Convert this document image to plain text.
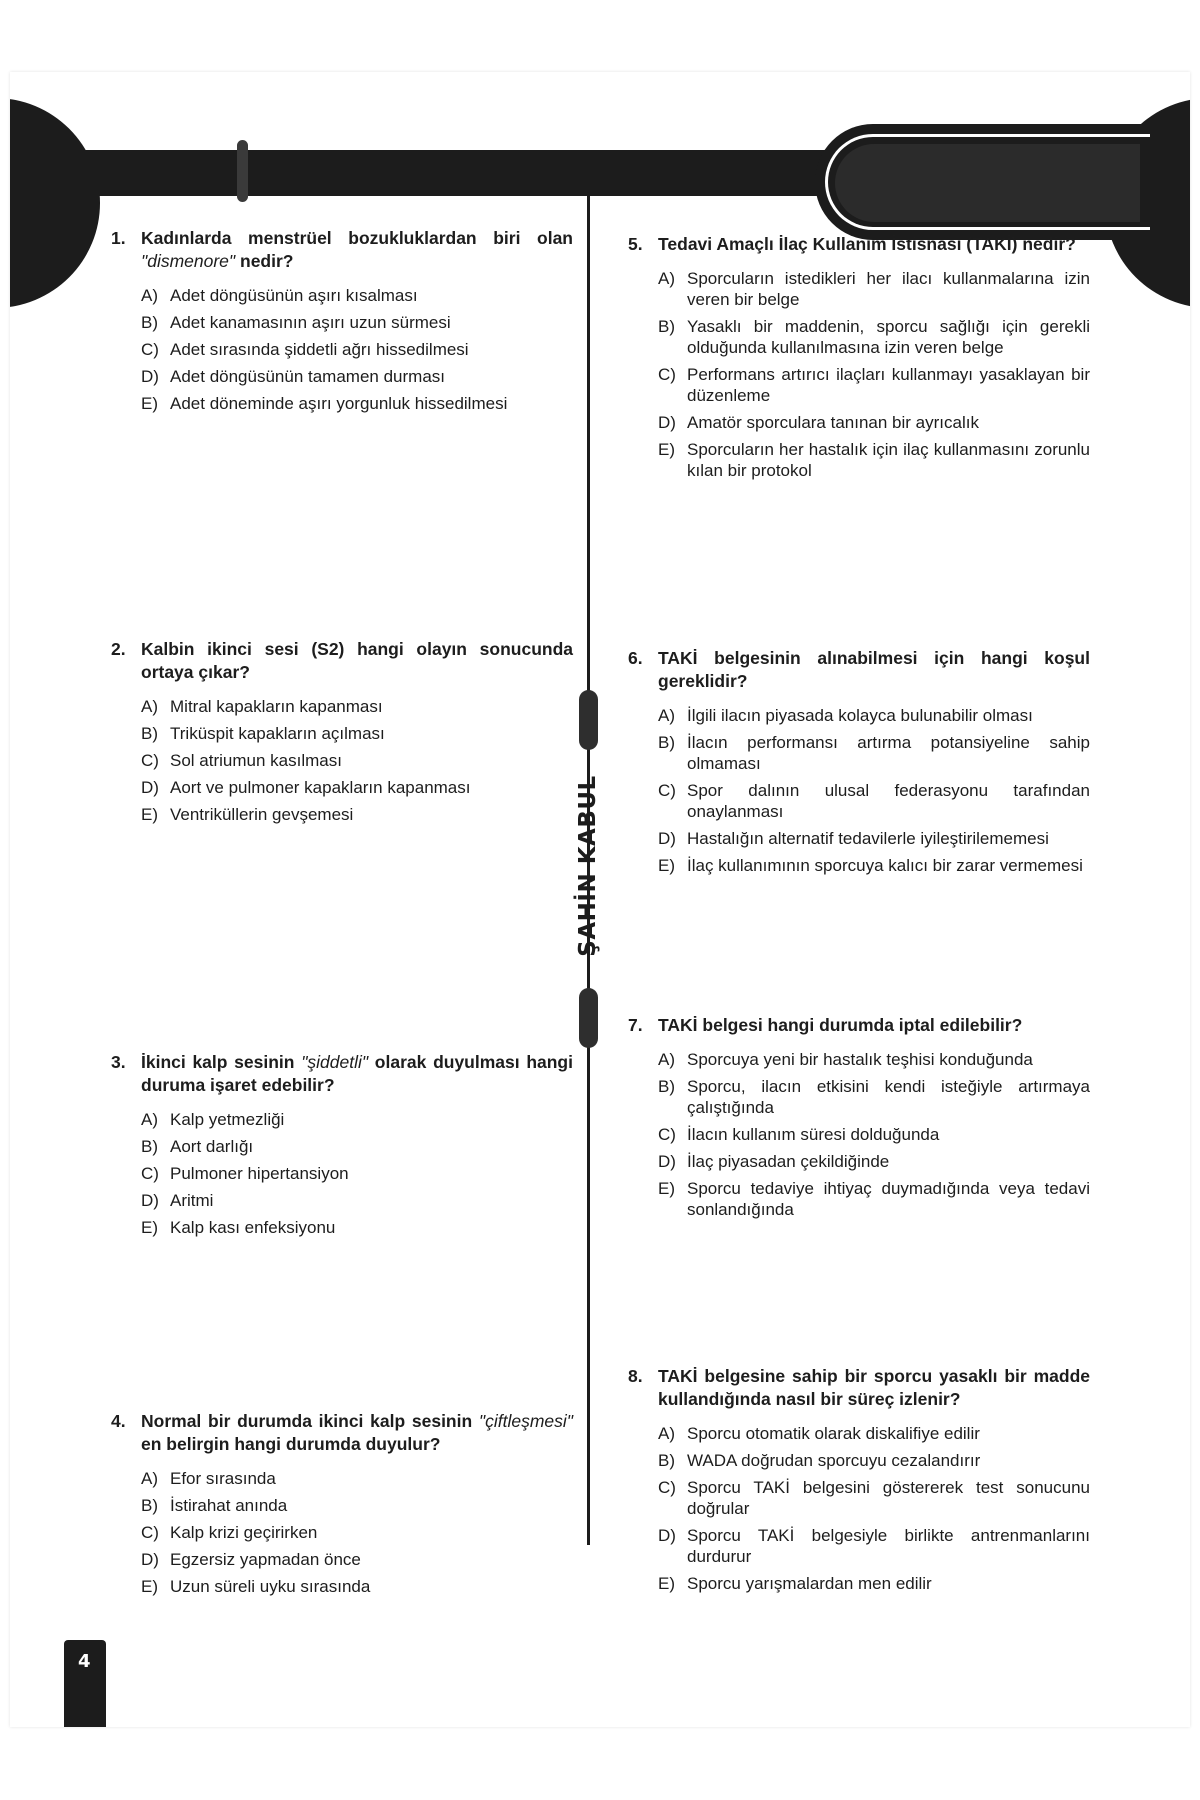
TEST-1	TEMEL EĞİTİM ANTRENÖRLÜK BÖLÜM -1	SPOR ve SAĞLIK BİLİMLERİ
ŞAHİN KABUL
1. Kadınlarda menstrüel bozukluklardan biri olan "dismenore" nedir?
A) Adet döngüsünün aşırı kısalması
B) Adet kanamasının aşırı uzun sürmesi
C) Adet sırasında şiddetli ağrı hissedilmesi
D) Adet döngüsünün tamamen durması
E) Adet döneminde aşırı yorgunluk hissedilmesi
2. Kalbin ikinci sesi (S2) hangi olayın sonucunda ortaya çıkar?
A) Mitral kapakların kapanması
B) Triküspit kapakların açılması
C) Sol atriumun kasılması
D) Aort ve pulmoner kapakların kapanması
E) Ventriküllerin gevşemesi
3. İkinci kalp sesinin "şiddetli" olarak duyulması hangi duruma işaret edebilir?
A) Kalp yetmezliği
B) Aort darlığı
C) Pulmoner hipertansiyon
D) Aritmi
E) Kalp kası enfeksiyonu
4. Normal bir durumda ikinci kalp sesinin "çiftleşmesi" en belirgin hangi durumda duyulur?
A) Efor sırasında
B) İstirahat anında
C) Kalp krizi geçirirken
D) Egzersiz yapmadan önce
E) Uzun süreli uyku sırasında
5. Tedavi Amaçlı İlaç Kullanım İstisnası (TAKİ) nedir?
A) Sporcuların istedikleri her ilacı kullanmalarına izin veren bir belge
B) Yasaklı bir maddenin, sporcu sağlığı için gerekli olduğunda kullanılmasına izin veren belge
C) Performans artırıcı ilaçları kullanmayı yasaklayan bir düzenleme
D) Amatör sporculara tanınan bir ayrıcalık
E) Sporcuların her hastalık için ilaç kullanmasını zorunlu kılan bir protokol
6. TAKİ belgesinin alınabilmesi için hangi koşul gereklidir?
A) İlgili ilacın piyasada kolayca bulunabilir olması
B) İlacın performansı artırma potansiyeline sahip olmaması
C) Spor dalının ulusal federasyonu tarafından onaylanması
D) Hastalığın alternatif tedavilerle iyileştirilememesi
E) İlaç kullanımının sporcuya kalıcı bir zarar vermemesi
7. TAKİ belgesi hangi durumda iptal edilebilir?
A) Sporcuya yeni bir hastalık teşhisi konduğunda
B) Sporcu, ilacın etkisini kendi isteğiyle artırmaya çalıştığında
C) İlacın kullanım süresi dolduğunda
D) İlaç piyasadan çekildiğinde
E) Sporcu tedaviye ihtiyaç duymadığında veya tedavi sonlandığında
8. TAKİ belgesine sahip bir sporcu yasaklı bir madde kullandığında nasıl bir süreç izlenir?
A) Sporcu otomatik olarak diskalifiye edilir
B) WADA doğrudan sporcuyu cezalandırır
C) Sporcu TAKİ belgesini göstererek test sonucunu doğrular
D) Sporcu TAKİ belgesiyle birlikte antrenmanlarını durdurur
E) Sporcu yarışmalardan men edilir
4
